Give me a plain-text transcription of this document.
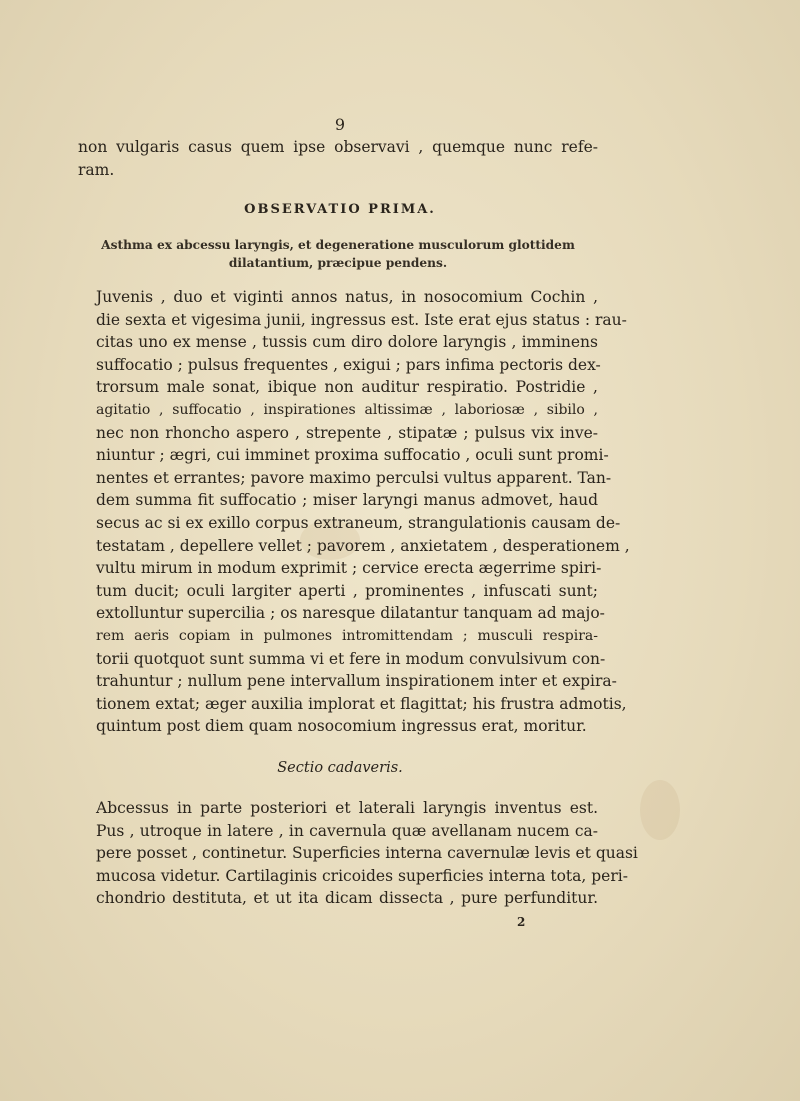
9

non vulgaris casus quem ipse observavi , quemque nunc refe-
ram.

OBSERVATIO PRIMA.
Asthma ex abcessu laryngis, et degeneratione musculorum glottidem
dilatantium, præcipue pendens.

Juvenis , duo et viginti annos natus, in nosocomium Cochin ,
die sexta et vigesima junii, ingressus est. Iste erat ejus status : rau-
citas uno ex mense , tussis cum diro dolore laryngis , imminens
suffocatio ; pulsus frequentes , exigui ; pars infima pectoris dex-
trorsum male sonat, ibique non auditur respiratio. Postridie ,
agitatio , suffocatio , inspirationes altissimæ , laboriosæ , sibilo ,
nec non rhoncho aspero , strepente , stipatæ ; pulsus vix inve-
niuntur ; ægri, cui imminet proxima suffocatio , oculi sunt promi-
nentes et errantes; pavore maximo perculsi vultus apparent. Tan-
dem summa fit suffocatio ; miser laryngi manus admovet, haud
secus ac si ex exillo corpus extraneum, strangulationis causam de-
testatam , depellere vellet ; pavorem , anxietatem , desperationem ,
vultu mirum in modum exprimit ; cervice erecta ægerrime spiri-
tum ducit; oculi largiter aperti , prominentes , infuscati sunt;
extolluntur supercilia ; os naresque dilatantur tanquam ad majo-
rem aeris copiam in pulmones intromittendam ; musculi respira-
torii quotquot sunt summa vi et fere in modum convulsivum con-
trahuntur ; nullum pene intervallum inspirationem inter et expira-
tionem extat; æger auxilia implorat et flagittat; his frustra admotis,
quintum post diem quam nosocomium ingressus erat, moritur.

Sectio cadaveris.

Abcessus in parte posteriori et laterali laryngis inventus est.
Pus , utroque in latere , in cavernula quæ avellanam nucem ca-
pere posset , continetur. Superficies interna cavernulæ levis et quasi
mucosa videtur. Cartilaginis cricoides superficies interna tota, peri-
chondrio destituta, et ut ita dicam dissecta , pure perfunditur.

2
